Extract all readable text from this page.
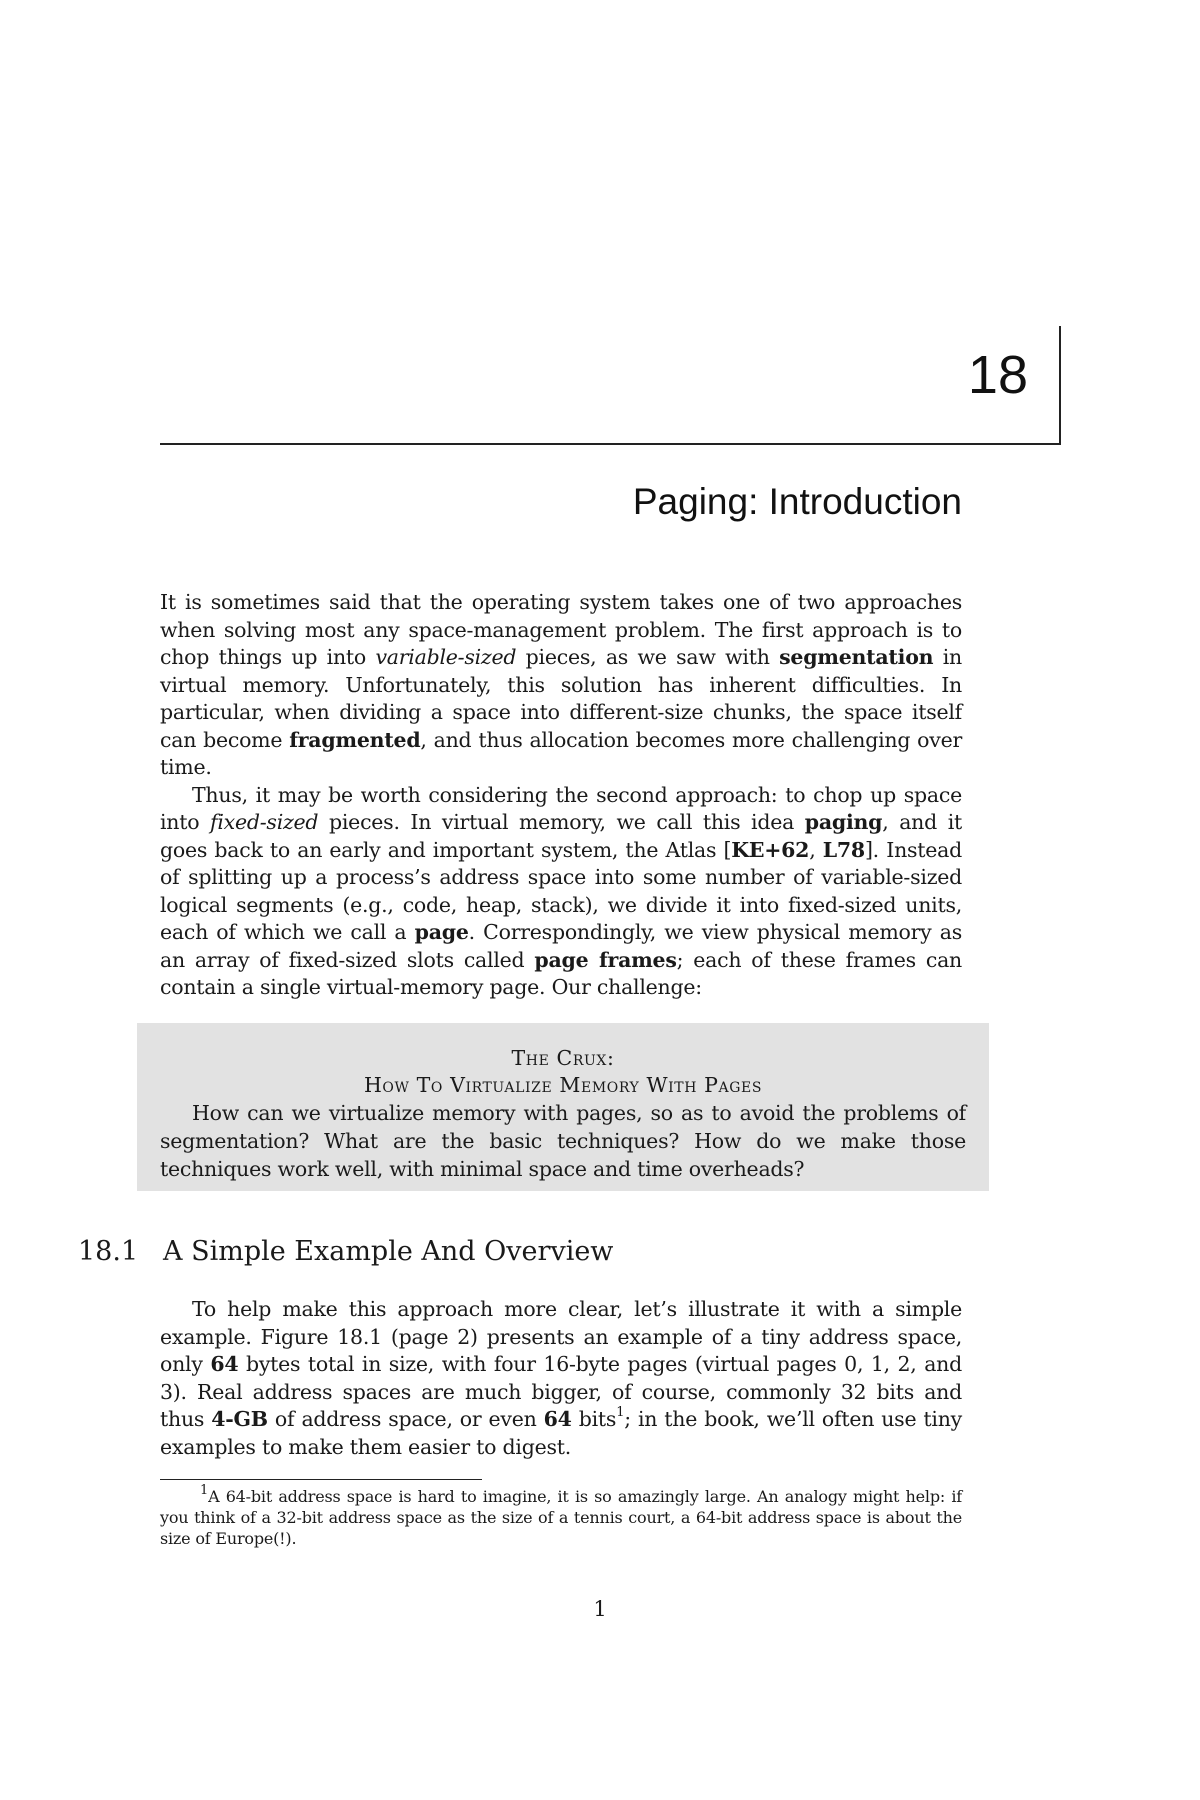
18
Paging: Introduction

It is sometimes said that the operating system takes one of two approaches when solving most any space-management problem. The first approach is to chop things up into variable-sized pieces, as we saw with segmentation in virtual memory. Unfortunately, this solution has inherent difficulties. In particular, when dividing a space into different-size chunks, the space itself can become fragmented, and thus allocation becomes more challenging over time.

Thus, it may be worth considering the second approach: to chop up space into fixed-sized pieces. In virtual memory, we call this idea paging, and it goes back to an early and important system, the Atlas [KE+62, L78]. Instead of splitting up a process’s address space into some number of variable-sized logical segments (e.g., code, heap, stack), we divide it into fixed-sized units, each of which we call a page. Correspondingly, we view physical memory as an array of fixed-sized slots called page frames; each of these frames can contain a single virtual-memory page. Our challenge:

The Crux:

How To Virtualize Memory With Pages

How can we virtualize memory with pages, so as to avoid the problems of segmentation? What are the basic techniques? How do we make those techniques work well, with minimal space and time overheads?

18.1 A Simple Example And Overview

To help make this approach more clear, let’s illustrate it with a simple example. Figure 18.1 (page 2) presents an example of a tiny address space, only 64 bytes total in size, with four 16-byte pages (virtual pages 0, 1, 2, and 3). Real address spaces are much bigger, of course, commonly 32 bits and thus 4-GB of address space, or even 64 bits$^1$; in the book, we’ll often use tiny examples to make them easier to digest.

$^1$A 64-bit address space is hard to imagine, it is so amazingly large. An analogy might help: if you think of a 32-bit address space as the size of a tennis court, a 64-bit address space is about the size of Europe(!).

1
